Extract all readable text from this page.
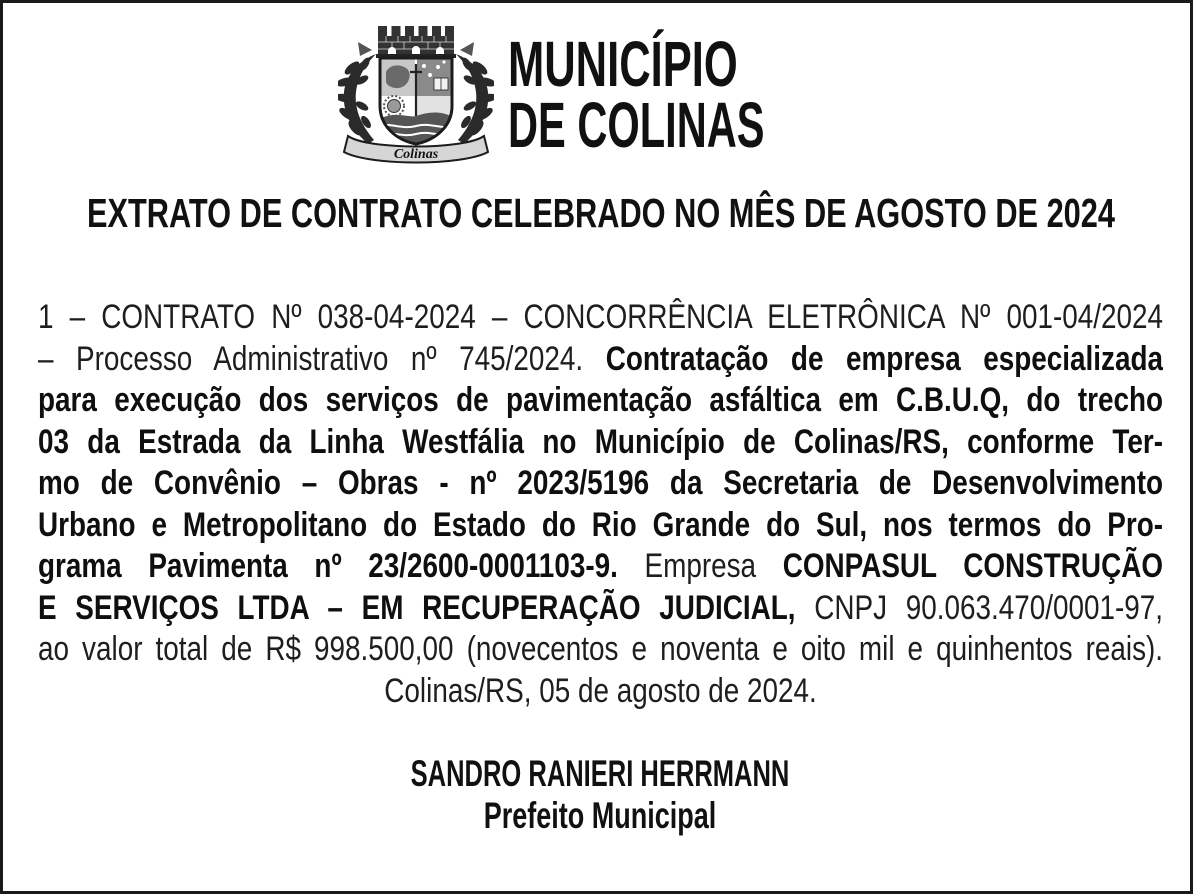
Colinas
MUNICÍPIO
DE COLINAS
EXTRATO DE CONTRATO CELEBRADO NO MÊS DE AGOSTO DE 2024
1 – CONTRATO Nº 038-04-2024 – CONCORRÊNCIA ELETRÔNICA Nº 001-04/2024
– Processo Administrativo nº 745/2024. Contratação de empresa especializada
para execução dos serviços de pavimentação asfáltica em C.B.U.Q, do trecho
03 da Estrada da Linha Westfália no Município de Colinas/RS, conforme Ter-
mo de Convênio – Obras - nº 2023/5196 da Secretaria de Desenvolvimento
Urbano e Metropolitano do Estado do Rio Grande do Sul, nos termos do Pro-
grama Pavimenta nº 23/2600-0001103-9. Empresa CONPASUL CONSTRUÇÃO
E SERVIÇOS LTDA – EM RECUPERAÇÃO JUDICIAL, CNPJ 90.063.470/0001-97,
ao valor total de R$ 998.500,00 (novecentos e noventa e oito mil e quinhentos reais).
Colinas/RS, 05 de agosto de 2024.
SANDRO RANIERI HERRMANN
Prefeito Municipal
